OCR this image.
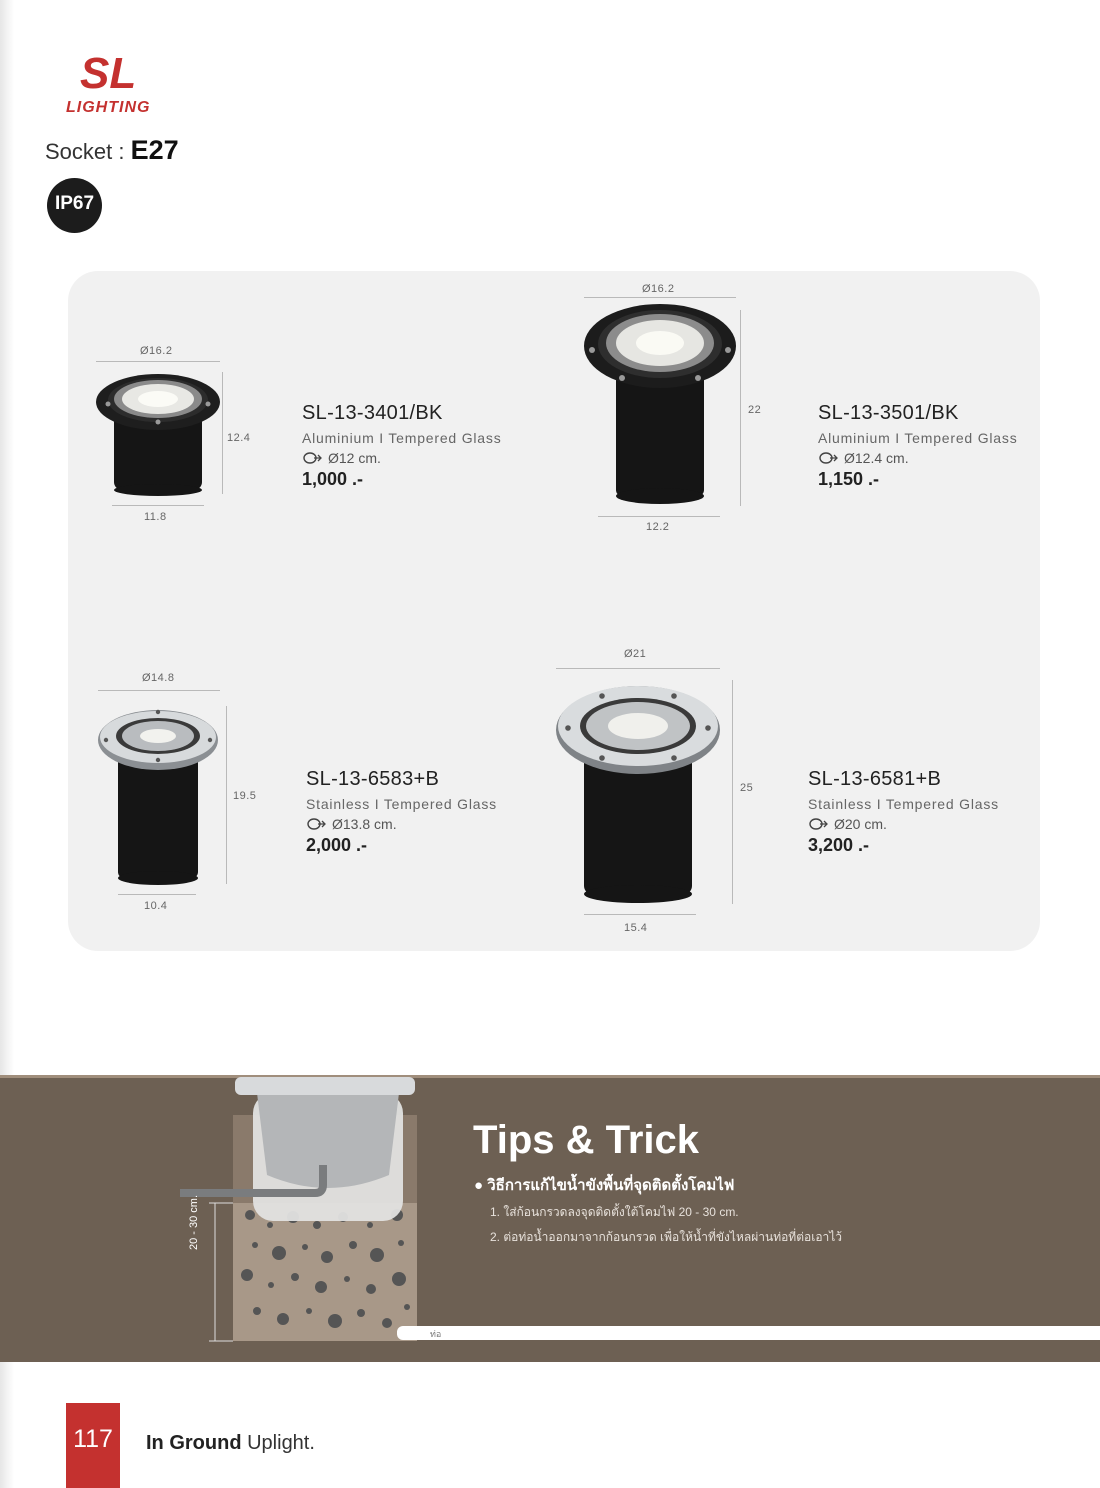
SL
LIGHTING
Socket : E27
IP67
Ø16.2
12.4
11.8
SL-13-3401/BK
Aluminium I Tempered Glass
Ø12 cm.
1,000 .-
Ø16.2
22
12.2
SL-13-3501/BK
Aluminium I Tempered Glass
Ø12.4 cm.
1,150 .-
Ø14.8
19.5
10.4
SL-13-6583+B
Stainless I Tempered Glass
Ø13.8 cm.
2,000 .-
Ø21
25
15.4
SL-13-6581+B
Stainless I Tempered Glass
Ø20 cm.
3,200 .-
20 - 30 cm.
Tips & Trick
● วิธีการแก้ไขน้ำขังพื้นที่จุดติดตั้งโคมไฟ
1. ใส่ก้อนกรวดลงจุดติดตั้งใต้โคมไฟ 20 - 30 cm.
2. ต่อท่อน้ำออกมาจากก้อนกรวด เพื่อให้น้ำที่ขังไหลผ่านท่อที่ต่อเอาไว้
ท่อ
117	In Ground Uplight.
